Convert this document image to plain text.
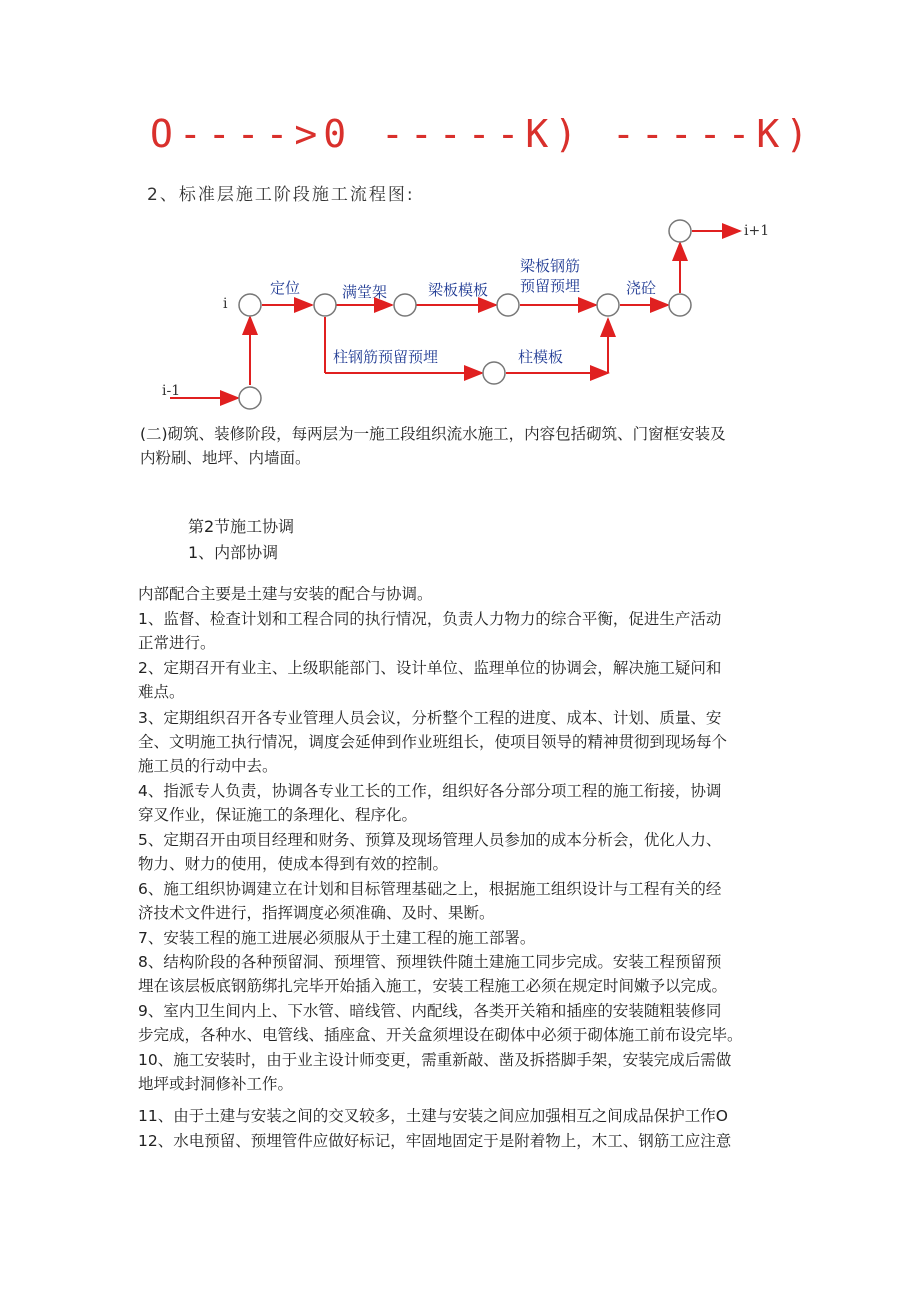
O---->0 -----K) -----K)
2、标准层施工阶段施工流程图:
i
i-1
i+1
定位	满堂架	梁板模板
梁板钢筋
预留预埋	浇砼
柱钢筋预留预埋	柱模板
(二)砌筑、装修阶段，每两层为一施工段组织流水施工，内容包括砌筑、门窗框安装及
内粉刷、地坪、内墙面。
第2节施工协调
1、内部协调
内部配合主要是土建与安装的配合与协调。
1、监督、检查计划和工程合同的执行情况，负责人力物力的综合平衡，促进生产活动
正常进行。
2、定期召开有业主、上级职能部门、设计单位、监理单位的协调会，解决施工疑问和
难点。
3、定期组织召开各专业管理人员会议，分析整个工程的进度、成本、计划、质量、安
全、文明施工执行情况，调度会延伸到作业班组长，使项目领导的精神贯彻到现场每个
施工员的行动中去。
4、指派专人负责，协调各专业工长的工作，组织好各分部分项工程的施工衔接，协调
穿叉作业，保证施工的条理化、程序化。
5、定期召开由项目经理和财务、预算及现场管理人员参加的成本分析会，优化人力、
物力、财力的使用，使成本得到有效的控制。
6、施工组织协调建立在计划和目标管理基础之上，根据施工组织设计与工程有关的经
济技术文件进行，指挥调度必须准确、及时、果断。
7、安装工程的施工进展必须服从于土建工程的施工部署。
8、结构阶段的各种预留洞、预埋管、预埋铁件随土建施工同步完成。安装工程预留预
埋在该层板底钢筋绑扎完毕开始插入施工，安装工程施工必须在规定时间嫩予以完成。
9、室内卫生间内上、下水管、暗线管、内配线，各类开关箱和插座的安装随粗装修同
步完成，各种水、电管线、插座盒、开关盒须埋设在砌体中必须于砌体施工前布设完毕。
10、施工安装时，由于业主设计师变更，需重新敲、凿及拆搭脚手架，安装完成后需做
地坪或封洞修补工作。
11、由于土建与安装之间的交叉较多，土建与安装之间应加强相互之间成品保护工作O
12、水电预留、预埋管件应做好标记，牢固地固定于是附着物上，木工、钢筋工应注意
